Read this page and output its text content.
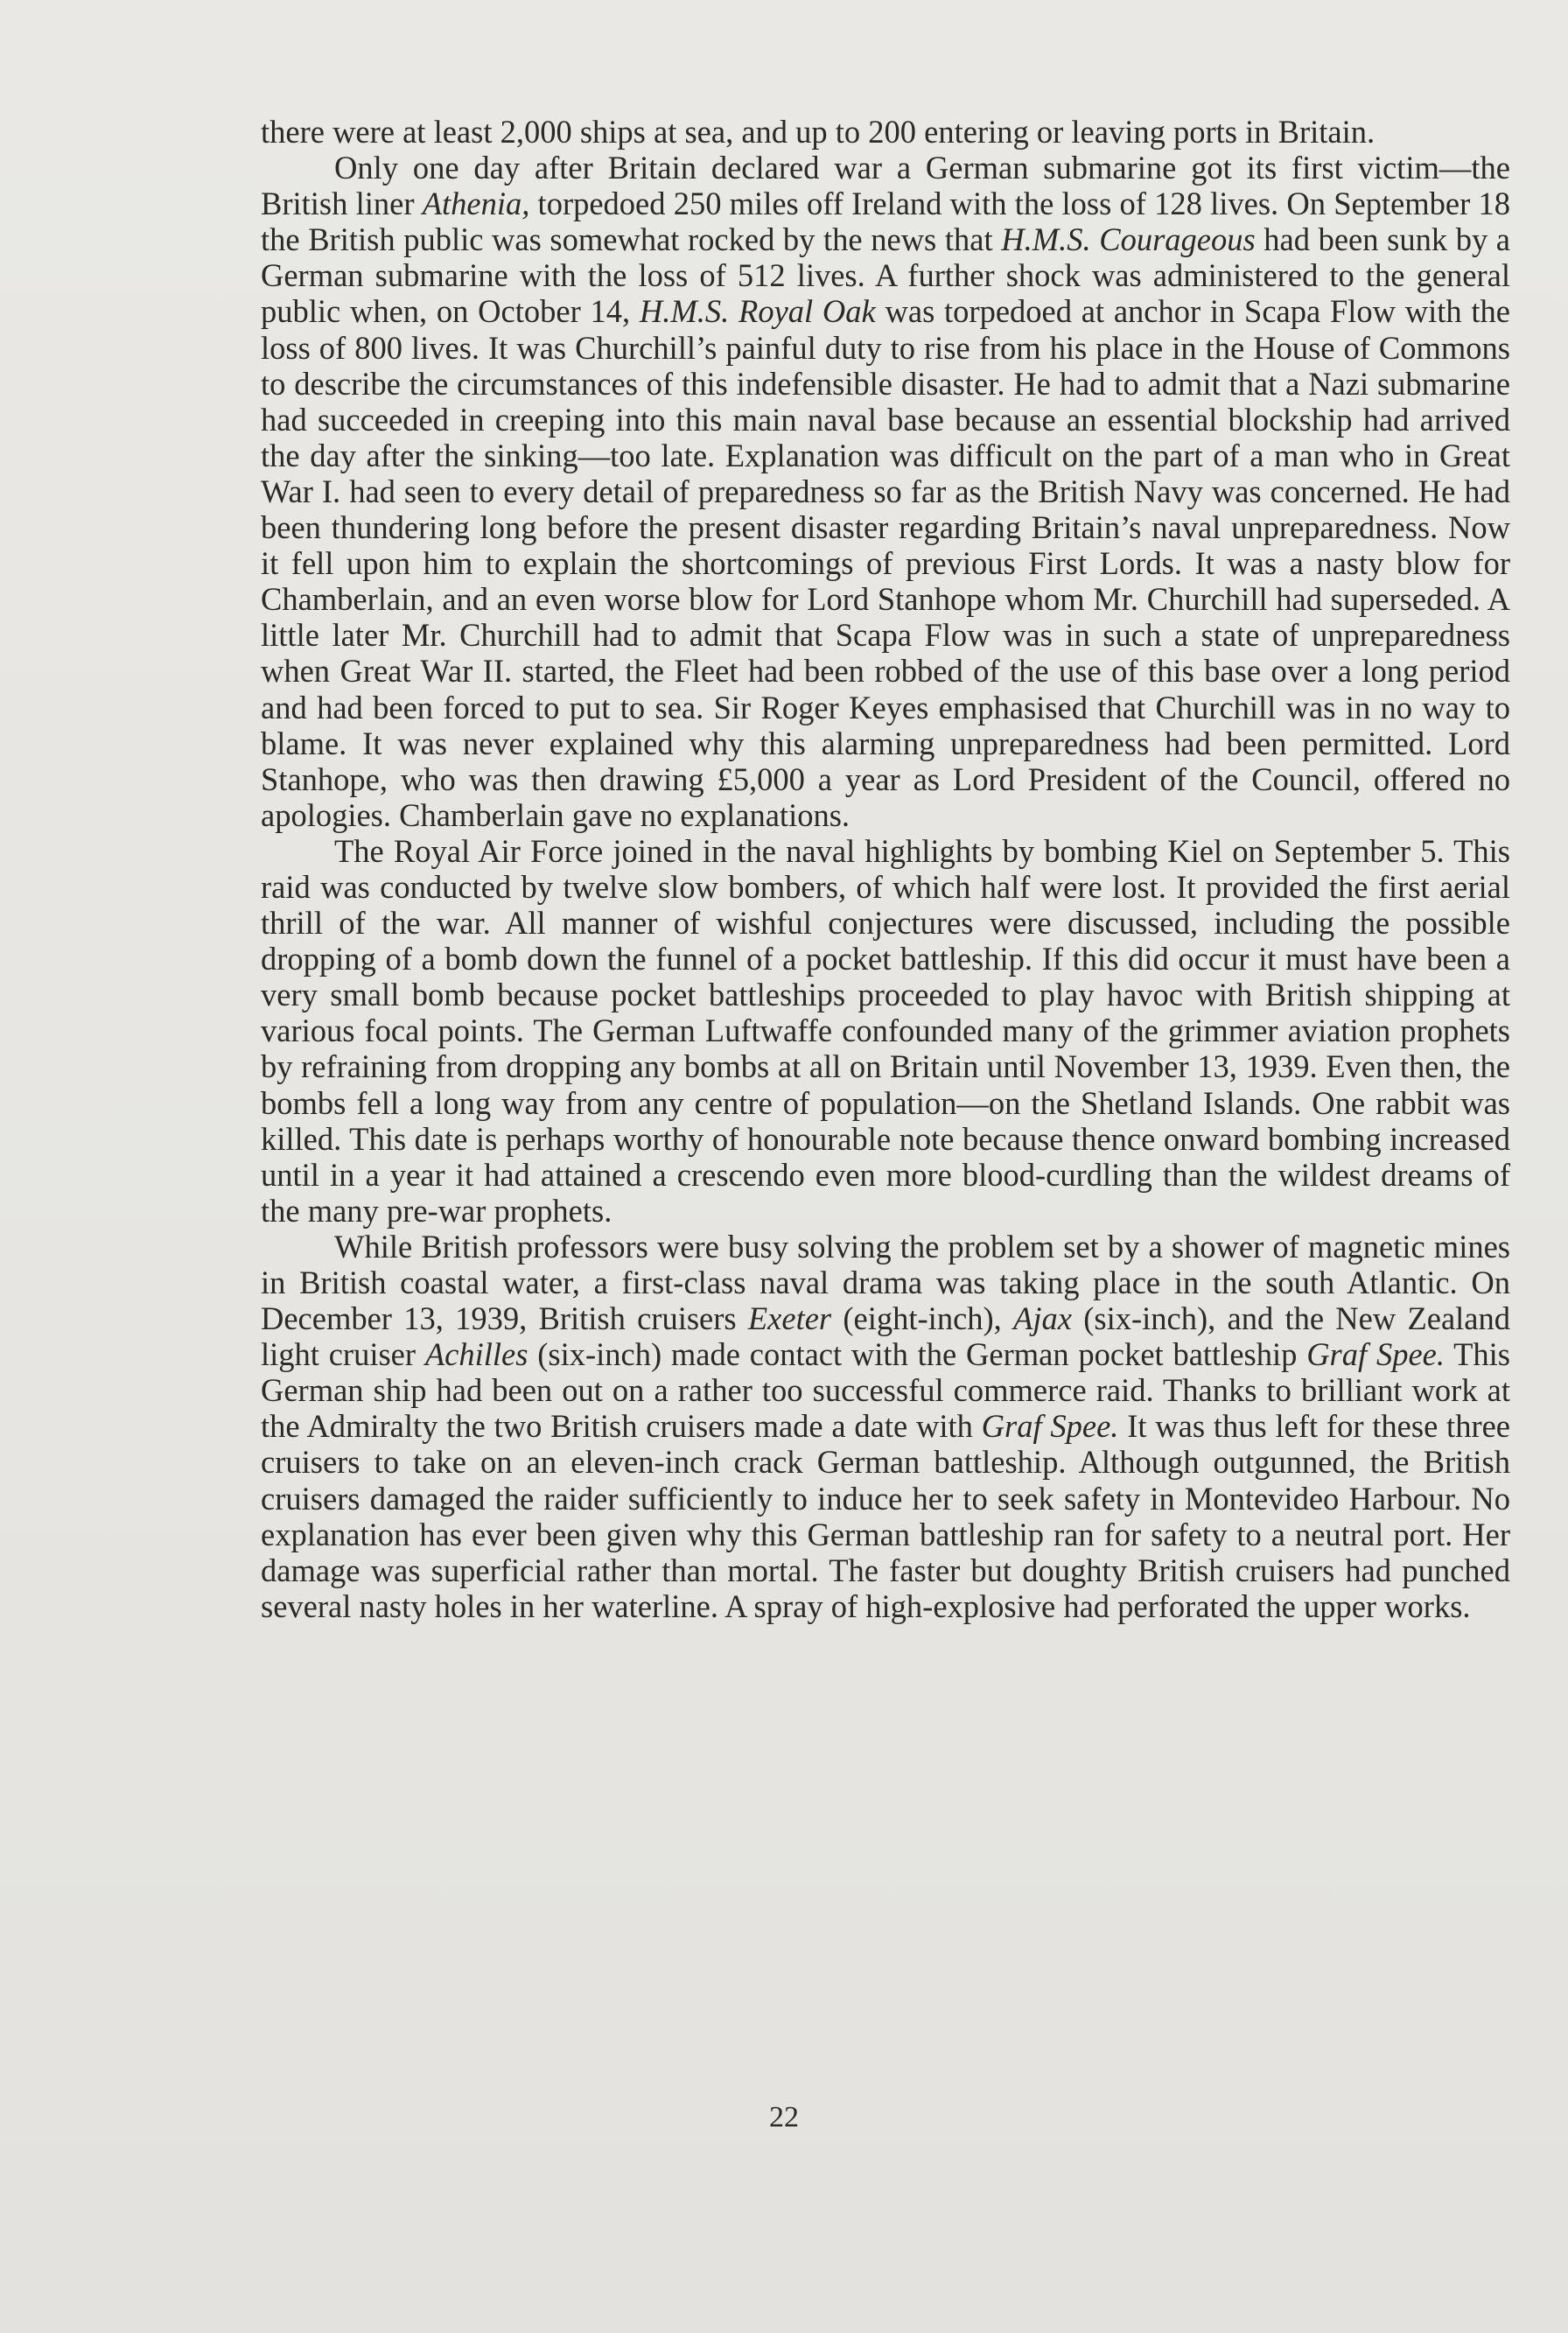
there were at least 2,000 ships at sea, and up to 200 entering or leaving ports in Britain.

Only one day after Britain declared war a German submarine got its first victim—the British liner Athenia, torpedoed 250 miles off Ireland with the loss of 128 lives. On September 18 the British public was somewhat rocked by the news that H.M.S. Courageous had been sunk by a German submarine with the loss of 512 lives. A further shock was administered to the general public when, on October 14, H.M.S. Royal Oak was torpedoed at anchor in Scapa Flow with the loss of 800 lives. It was Churchill’s painful duty to rise from his place in the House of Commons to describe the circumstances of this indefensible disaster. He had to admit that a Nazi submarine had succeeded in creeping into this main naval base because an essential blockship had arrived the day after the sinking—too late. Explanation was difficult on the part of a man who in Great War I. had seen to every detail of preparedness so far as the British Navy was concerned. He had been thundering long before the present disaster regarding Britain’s naval unpreparedness. Now it fell upon him to explain the shortcomings of previous First Lords. It was a nasty blow for Chamberlain, and an even worse blow for Lord Stanhope whom Mr. Churchill had superseded. A little later Mr. Churchill had to admit that Scapa Flow was in such a state of unpreparedness when Great War II. started, the Fleet had been robbed of the use of this base over a long period and had been forced to put to sea. Sir Roger Keyes emphasised that Churchill was in no way to blame. It was never explained why this alarming unpreparedness had been permitted. Lord Stanhope, who was then drawing £5,000 a year as Lord President of the Council, offered no apologies. Chamberlain gave no explanations.

The Royal Air Force joined in the naval highlights by bombing Kiel on September 5. This raid was conducted by twelve slow bombers, of which half were lost. It provided the first aerial thrill of the war. All manner of wishful conjectures were discussed, including the possible dropping of a bomb down the funnel of a pocket battleship. If this did occur it must have been a very small bomb because pocket battleships proceeded to play havoc with British shipping at various focal points. The German Luftwaffe confounded many of the grimmer aviation prophets by refraining from dropping any bombs at all on Britain until November 13, 1939. Even then, the bombs fell a long way from any centre of population—on the Shetland Islands. One rabbit was killed. This date is perhaps worthy of honourable note because thence onward bombing increased until in a year it had attained a crescendo even more blood-curdling than the wildest dreams of the many pre-war prophets.

While British professors were busy solving the problem set by a shower of magnetic mines in British coastal water, a first-class naval drama was taking place in the south Atlantic. On December 13, 1939, British cruisers Exeter (eight-inch), Ajax (six-inch), and the New Zealand light cruiser Achilles (six-inch) made contact with the German pocket battleship Graf Spee. This German ship had been out on a rather too successful commerce raid. Thanks to brilliant work at the Admiralty the two British cruisers made a date with Graf Spee. It was thus left for these three cruisers to take on an eleven-inch crack German battleship. Although outgunned, the British cruisers damaged the raider sufficiently to induce her to seek safety in Montevideo Harbour. No explanation has ever been given why this German battleship ran for safety to a neutral port. Her damage was superficial rather than mortal. The faster but doughty British cruisers had punched several nasty holes in her waterline. A spray of high-explosive had perforated the upper works.

22
